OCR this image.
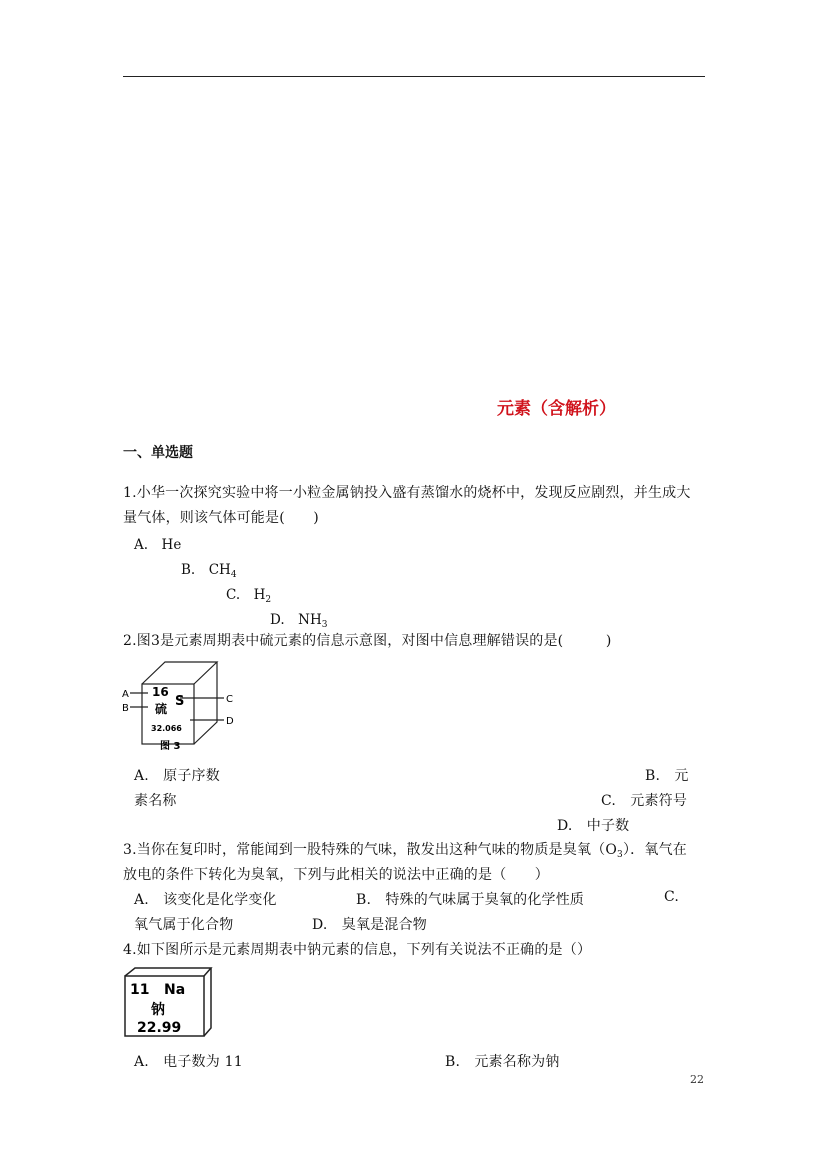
元素（含解析）
一、单选题
1.小华一次探究实验中将一小粒金属钠投入盛有蒸馏水的烧杯中，发现反应剧烈，并生成大
量气体，则该气体可能是(　　)
A.　He
B.　$CH_4$
C.　$H_2$
D.　$NH_3$
2.图3是元素周期表中硫元素的信息示意图，对图中信息理解错误的是(　　　)
16
S
硫
32.066
A
B
C
D
图 3
A.　原子序数	B.　元
素名称	C.　元素符号
D.　中子数
3.当你在复印时，常能闻到一股特殊的气味，散发出这种气味的物质是臭氧$(O_3)$．氧气在
放电的条件下转化为臭氧，下列与此相关的说法中正确的是（　　）
A.　该变化是化学变化	B.　特殊的气味属于臭氧的化学性质	C.
氧气属于化合物	D.　臭氧是混合物
4.如下图所示是元素周期表中钠元素的信息，下列有关说法不正确的是（）
11 Na
钠
22.99
A.　电子数为 11	B.　元素名称为钠
22
